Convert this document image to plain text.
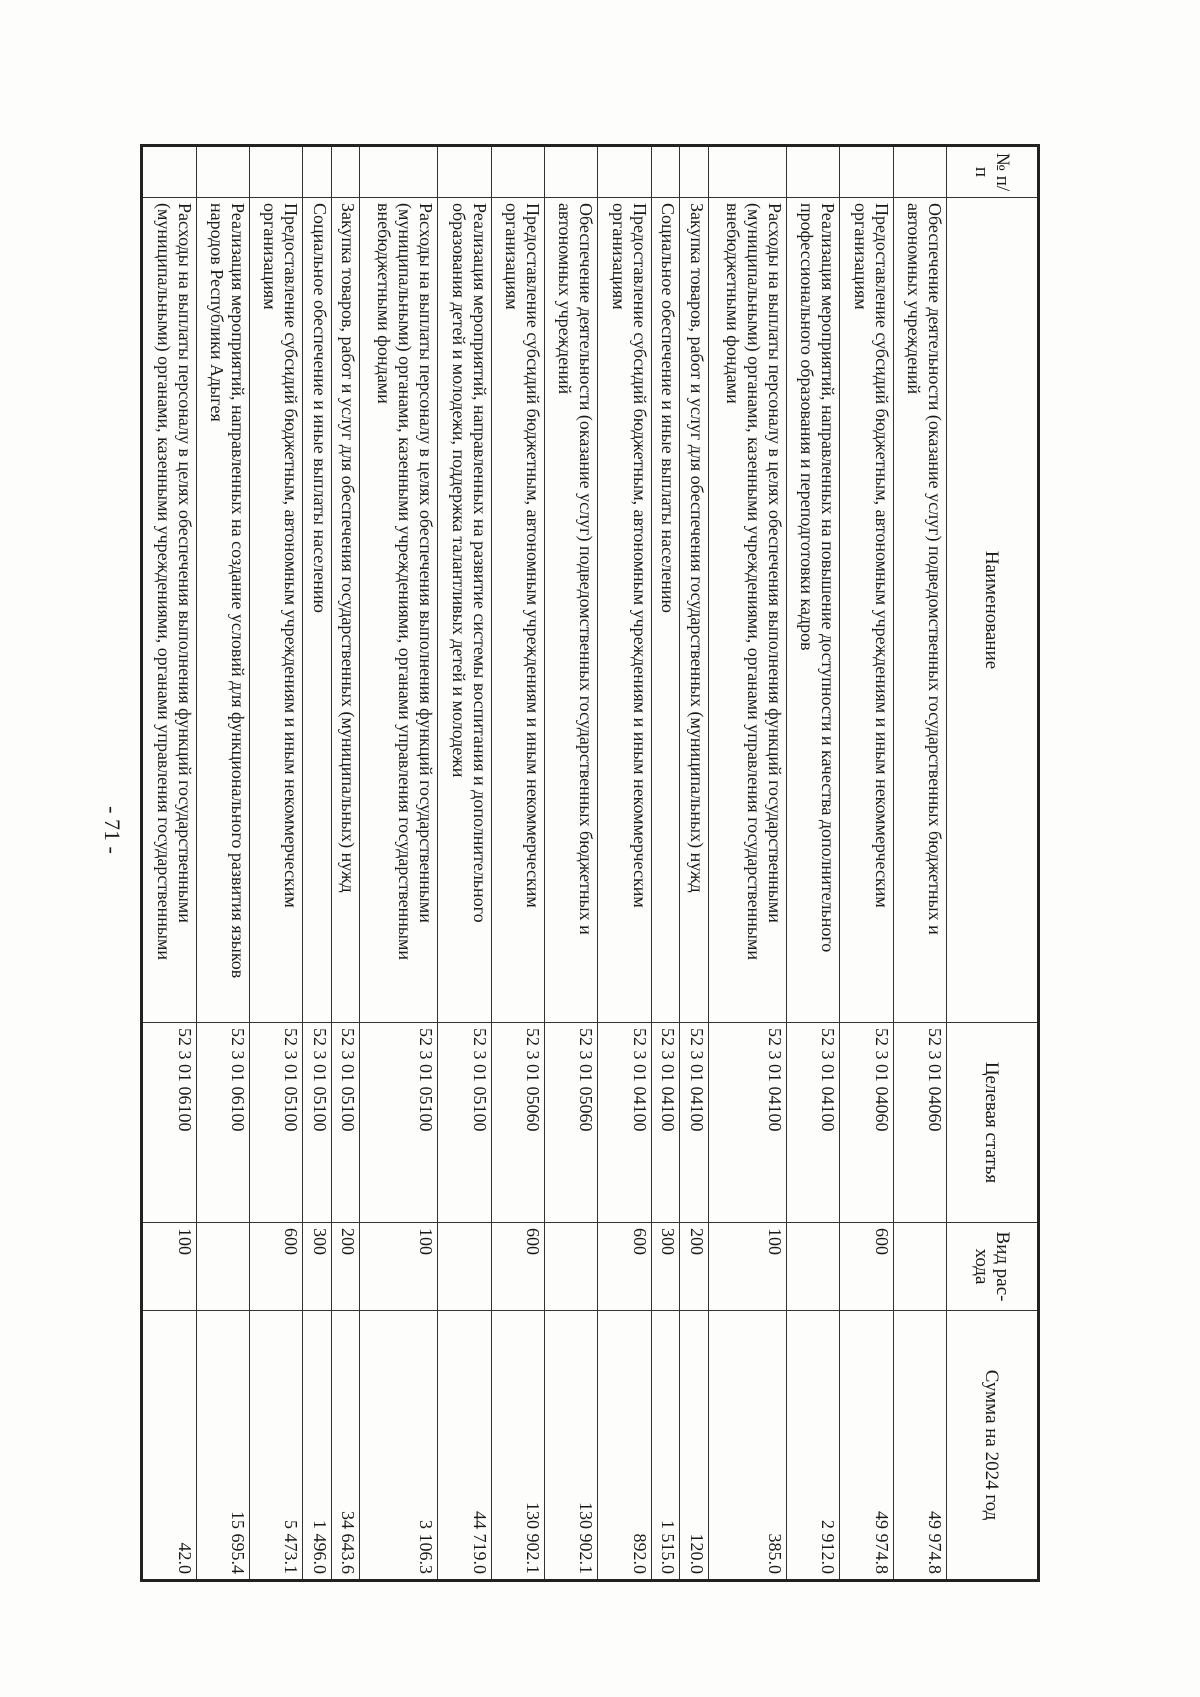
- 71 -
№ п/п	Наименование	Целевая статья	Вид рас-хода	Сумма на 2024 год
	Обеспечение деятельности (оказание услуг) подведомственных государственных бюджетных и автономных учреждений	52 3 01 04060		49 974.8
	Предоставление субсидий бюджетным, автономным учреждениям и иным некоммерческим организациям	52 3 01 04060	600	49 974.8
	Реализация мероприятий, направленных на повышение доступности и качества дополнительного профессионального образования и переподготовки кадров	52 3 01 04100		2 912.0
	Расходы на выплаты персоналу в целях обеспечения выполнения функций государственными (муниципальными) органами, казенными учреждениями, органами управления государственными внебюджетными фондами	52 3 01 04100	100	385.0
	Закупка товаров, работ и услуг для обеспечения государственных (муниципальных) нужд	52 3 01 04100	200	120.0
	Социальное обеспечение и иные выплаты населению	52 3 01 04100	300	1 515.0
	Предоставление субсидий бюджетным, автономным учреждениям и иным некоммерческим организациям	52 3 01 04100	600	892.0
	Обеспечение деятельности (оказание услуг) подведомственных государственных бюджетных и автономных учреждений	52 3 01 05060		130 902.1
	Предоставление субсидий бюджетным, автономным учреждениям и иным некоммерческим организациям	52 3 01 05060	600	130 902.1
	Реализация мероприятий, направленных на развитие системы воспитания и дополнительного образования детей и молодежи, поддержка талантливых детей и молодежи	52 3 01 05100		44 719.0
	Расходы на выплаты персоналу в целях обеспечения выполнения функций государственными (муниципальными) органами, казенными учреждениями, органами управления государственными внебюджетными фондами	52 3 01 05100	100	3 106.3
	Закупка товаров, работ и услуг для обеспечения государственных (муниципальных) нужд	52 3 01 05100	200	34 643.6
	Социальное обеспечение и иные выплаты населению	52 3 01 05100	300	1 496.0
	Предоставление субсидий бюджетным, автономным учреждениям и иным некоммерческим организациям	52 3 01 05100	600	5 473.1
	Реализация мероприятий, направленных на создание условий для функционального развития языков народов Республики Адыгея	52 3 01 06100		15 695.4
	Расходы на выплаты персоналу в целях обеспечения выполнения функций государственными (муниципальными) органами, казенными учреждениями, органами управления государственными	52 3 01 06100	100	42.0
